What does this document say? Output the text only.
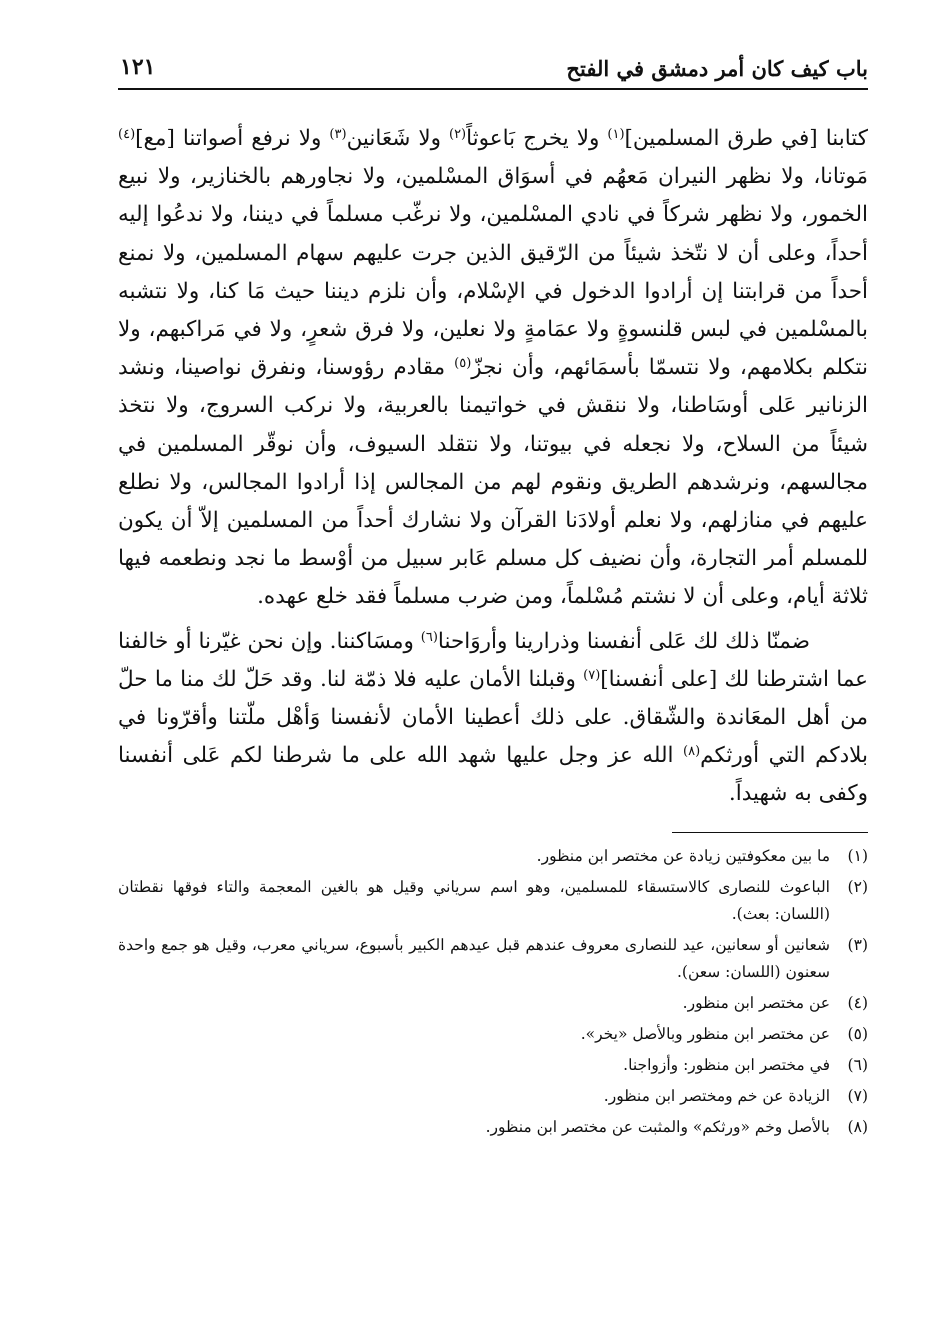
باب كيف كان أمر دمشق في الفتح
١٢١

كتابنا [في طرق المسلمين]$^{(١)}$ ولا يخرج بَاعوثاً$^{(٢)}$ ولا شَعَانين$^{(٣)}$ ولا نرفع أصواتنا [مع]$^{(٤)}$ مَوتانا، ولا نظهر النيران مَعهُم في أسوَاق المسْلمين، ولا نجاورهم بالخنازير، ولا نبيع الخمور، ولا نظهر شركاً في نادي المسْلمين، ولا نرغّب مسلماً في ديننا، ولا ندعُوا إليه أحداً، وعلى أن لا نتّخذ شيئاً من الرّقيق الذين جرت عليهم سهام المسلمين، ولا نمنع أحداً من قرابتنا إن أرادوا الدخول في الإسْلام، وأن نلزم ديننا حيث مَا كنا، ولا نتشبه بالمسْلمين في لبس قلنسوةٍ ولا عمَامةٍ ولا نعلين، ولا فرق شعرٍ، ولا في مَراكبهم، ولا نتكلم بكلامهم، ولا نتسمّا بأسمَائهم، وأن نجزّ$^{(٥)}$ مقادم رؤوسنا، ونفرق نواصينا، ونشد الزنانير عَلى أوسَاطنا، ولا ننقش في خواتيمنا بالعربية، ولا نركب السروج، ولا نتخذ شيئاً من السلاح، ولا نجعله في بيوتنا، ولا نتقلد السيوف، وأن نوقّر المسلمين في مجالسهم، ونرشدهم الطريق ونقوم لهم من المجالس إذا أرادوا المجالس، ولا نطلع عليهم في منازلهم، ولا نعلم أولادَنا القرآن ولا نشارك أحداً من المسلمين إلاّ أن يكون للمسلم أمر التجارة، وأن نضيف كل مسلم عَابر سبيل من أوْسط ما نجد ونطعمه فيها ثلاثة أيام، وعلى أن لا نشتم مُسْلماً، ومن ضرب مسلماً فقد خلع عهده.

ضمنّا ذلك لك عَلى أنفسنا وذرارينا وأروَاحنا$^{(٦)}$ ومسَاكننا. وإن نحن غيّرنا أو خالفنا عما اشترطنا لك [على أنفسنا]$^{(٧)}$ وقبلنا الأمان عليه فلا ذمّة لنا. وقد حَلّ لك منا ما حلّ من أهل المعَاندة والشّقاق. على ذلك أعطينا الأمان لأنفسنا وَأهْل ملّتنا وأقرّونا في بلادكم التي أورثكم$^{(٨)}$ الله عز وجل عليها شهد الله على ما شرطنا لكم عَلى أنفسنا وكفى به شهيداً.

(١)
ما بين معكوفتين زيادة عن مختصر ابن منظور.
(٢)
الباعوث للنصارى كالاستسقاء للمسلمين، وهو اسم سرياني وقيل هو بالغين المعجمة والتاء فوقها نقطتان (اللسان: بعث).
(٣)
شعانين أو سعانين، عيد للنصارى معروف عندهم قبل عيدهم الكبير بأسبوع، سرياني معرب، وقيل هو جمع واحدة سعنون (اللسان: سعن).
(٤)
عن مختصر ابن منظور.
(٥)
عن مختصر ابن منظور وبالأصل «يخر».
(٦)
في مختصر ابن منظور: وأزواجنا.
(٧)
الزيادة عن خ‍م ومختصر ابن منظور.
(٨)
بالأصل وخ‍م «ورثكم» والمثبت عن مختصر ابن منظور.
